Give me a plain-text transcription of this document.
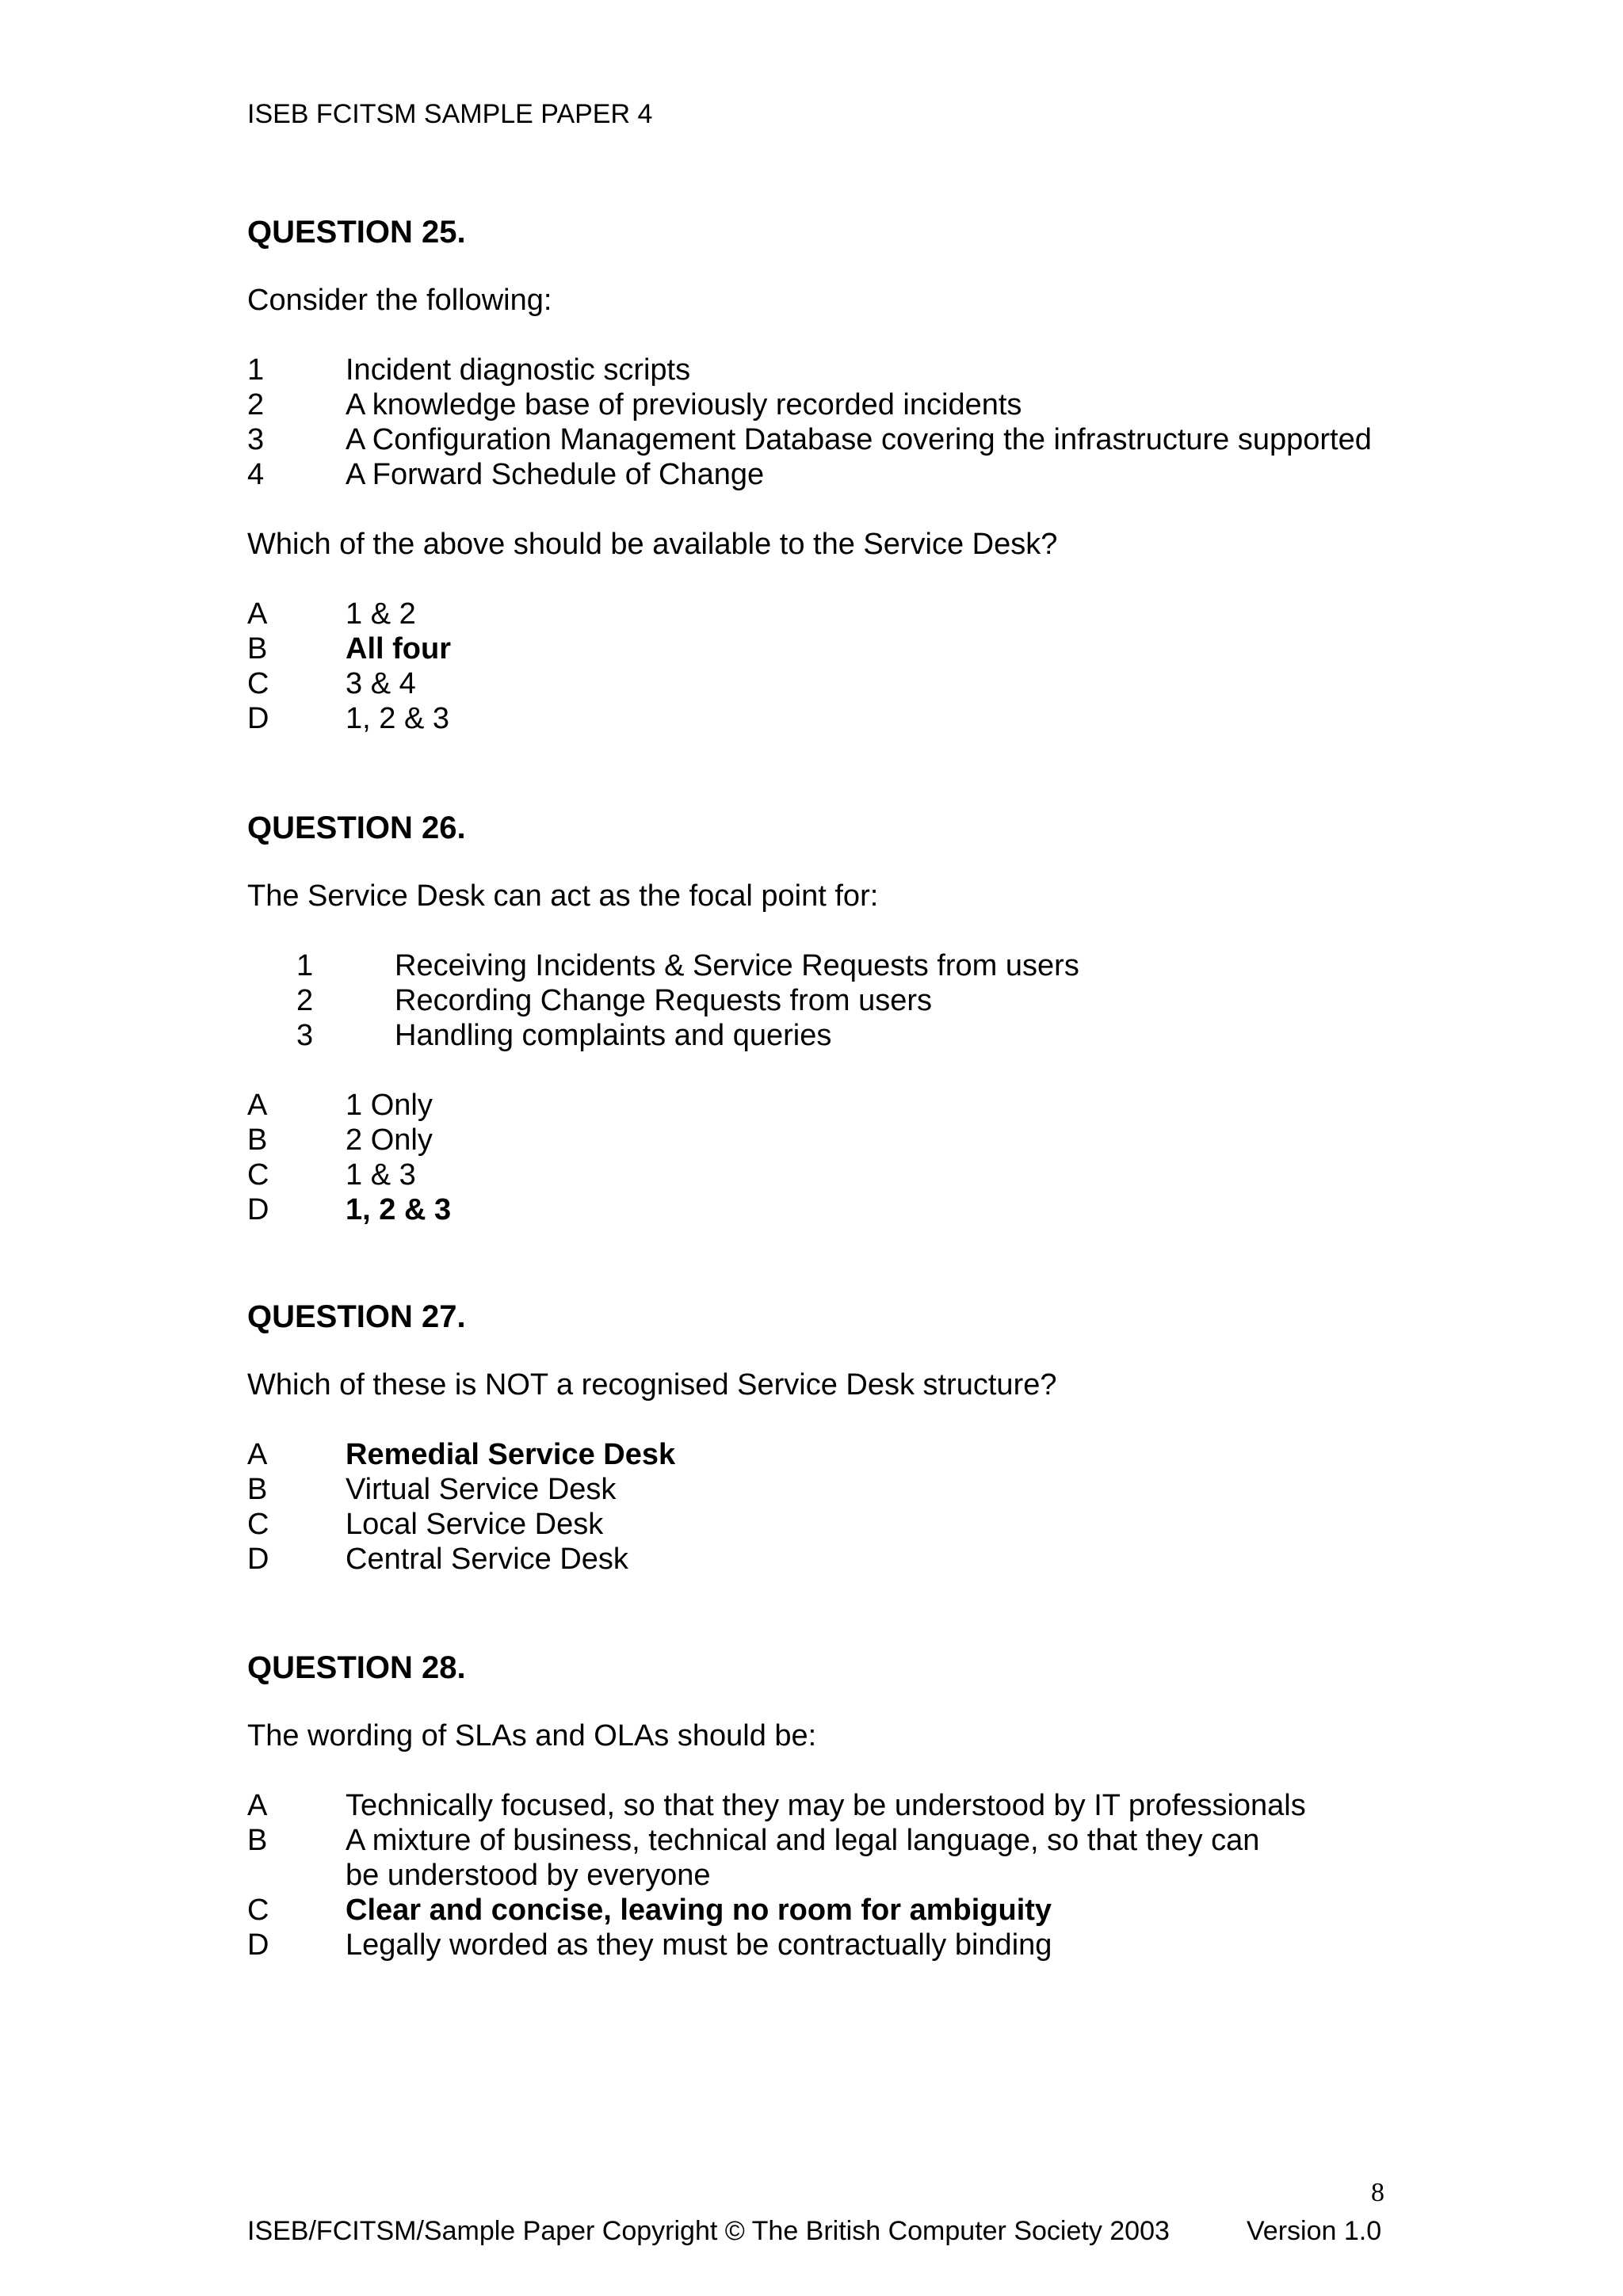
ISEB FCITSM SAMPLE PAPER 4
QUESTION 25.
Consider the following:
1	Incident diagnostic scripts
2	A knowledge base of previously recorded incidents
3	A Configuration Management Database covering the infrastructure supported
4	A Forward Schedule of Change
Which of the above should be available to the Service Desk?
A	1 & 2
B	All four
C	3 & 4
D	1, 2 & 3
QUESTION 26.
The Service Desk can act as the focal point for:
1	Receiving Incidents & Service Requests from users
2	Recording Change Requests from users
3	Handling complaints and queries
A	1 Only
B	2 Only
C	1 & 3
D	1, 2 & 3
QUESTION 27.
Which of these is NOT a recognised Service Desk structure?
A	Remedial Service Desk
B	Virtual Service Desk
C	Local Service Desk
D	Central Service Desk
QUESTION 28.
The wording of SLAs and OLAs should be:
A	Technically focused, so that they may be understood by IT professionals
B	A mixture of business, technical and legal language, so that they can be understood by everyone
C	Clear and concise, leaving no room for ambiguity
D	Legally worded as they must be contractually binding
8
ISEB/FCITSM/Sample Paper Copyright © The British Computer Society 2003	Version 1.0
